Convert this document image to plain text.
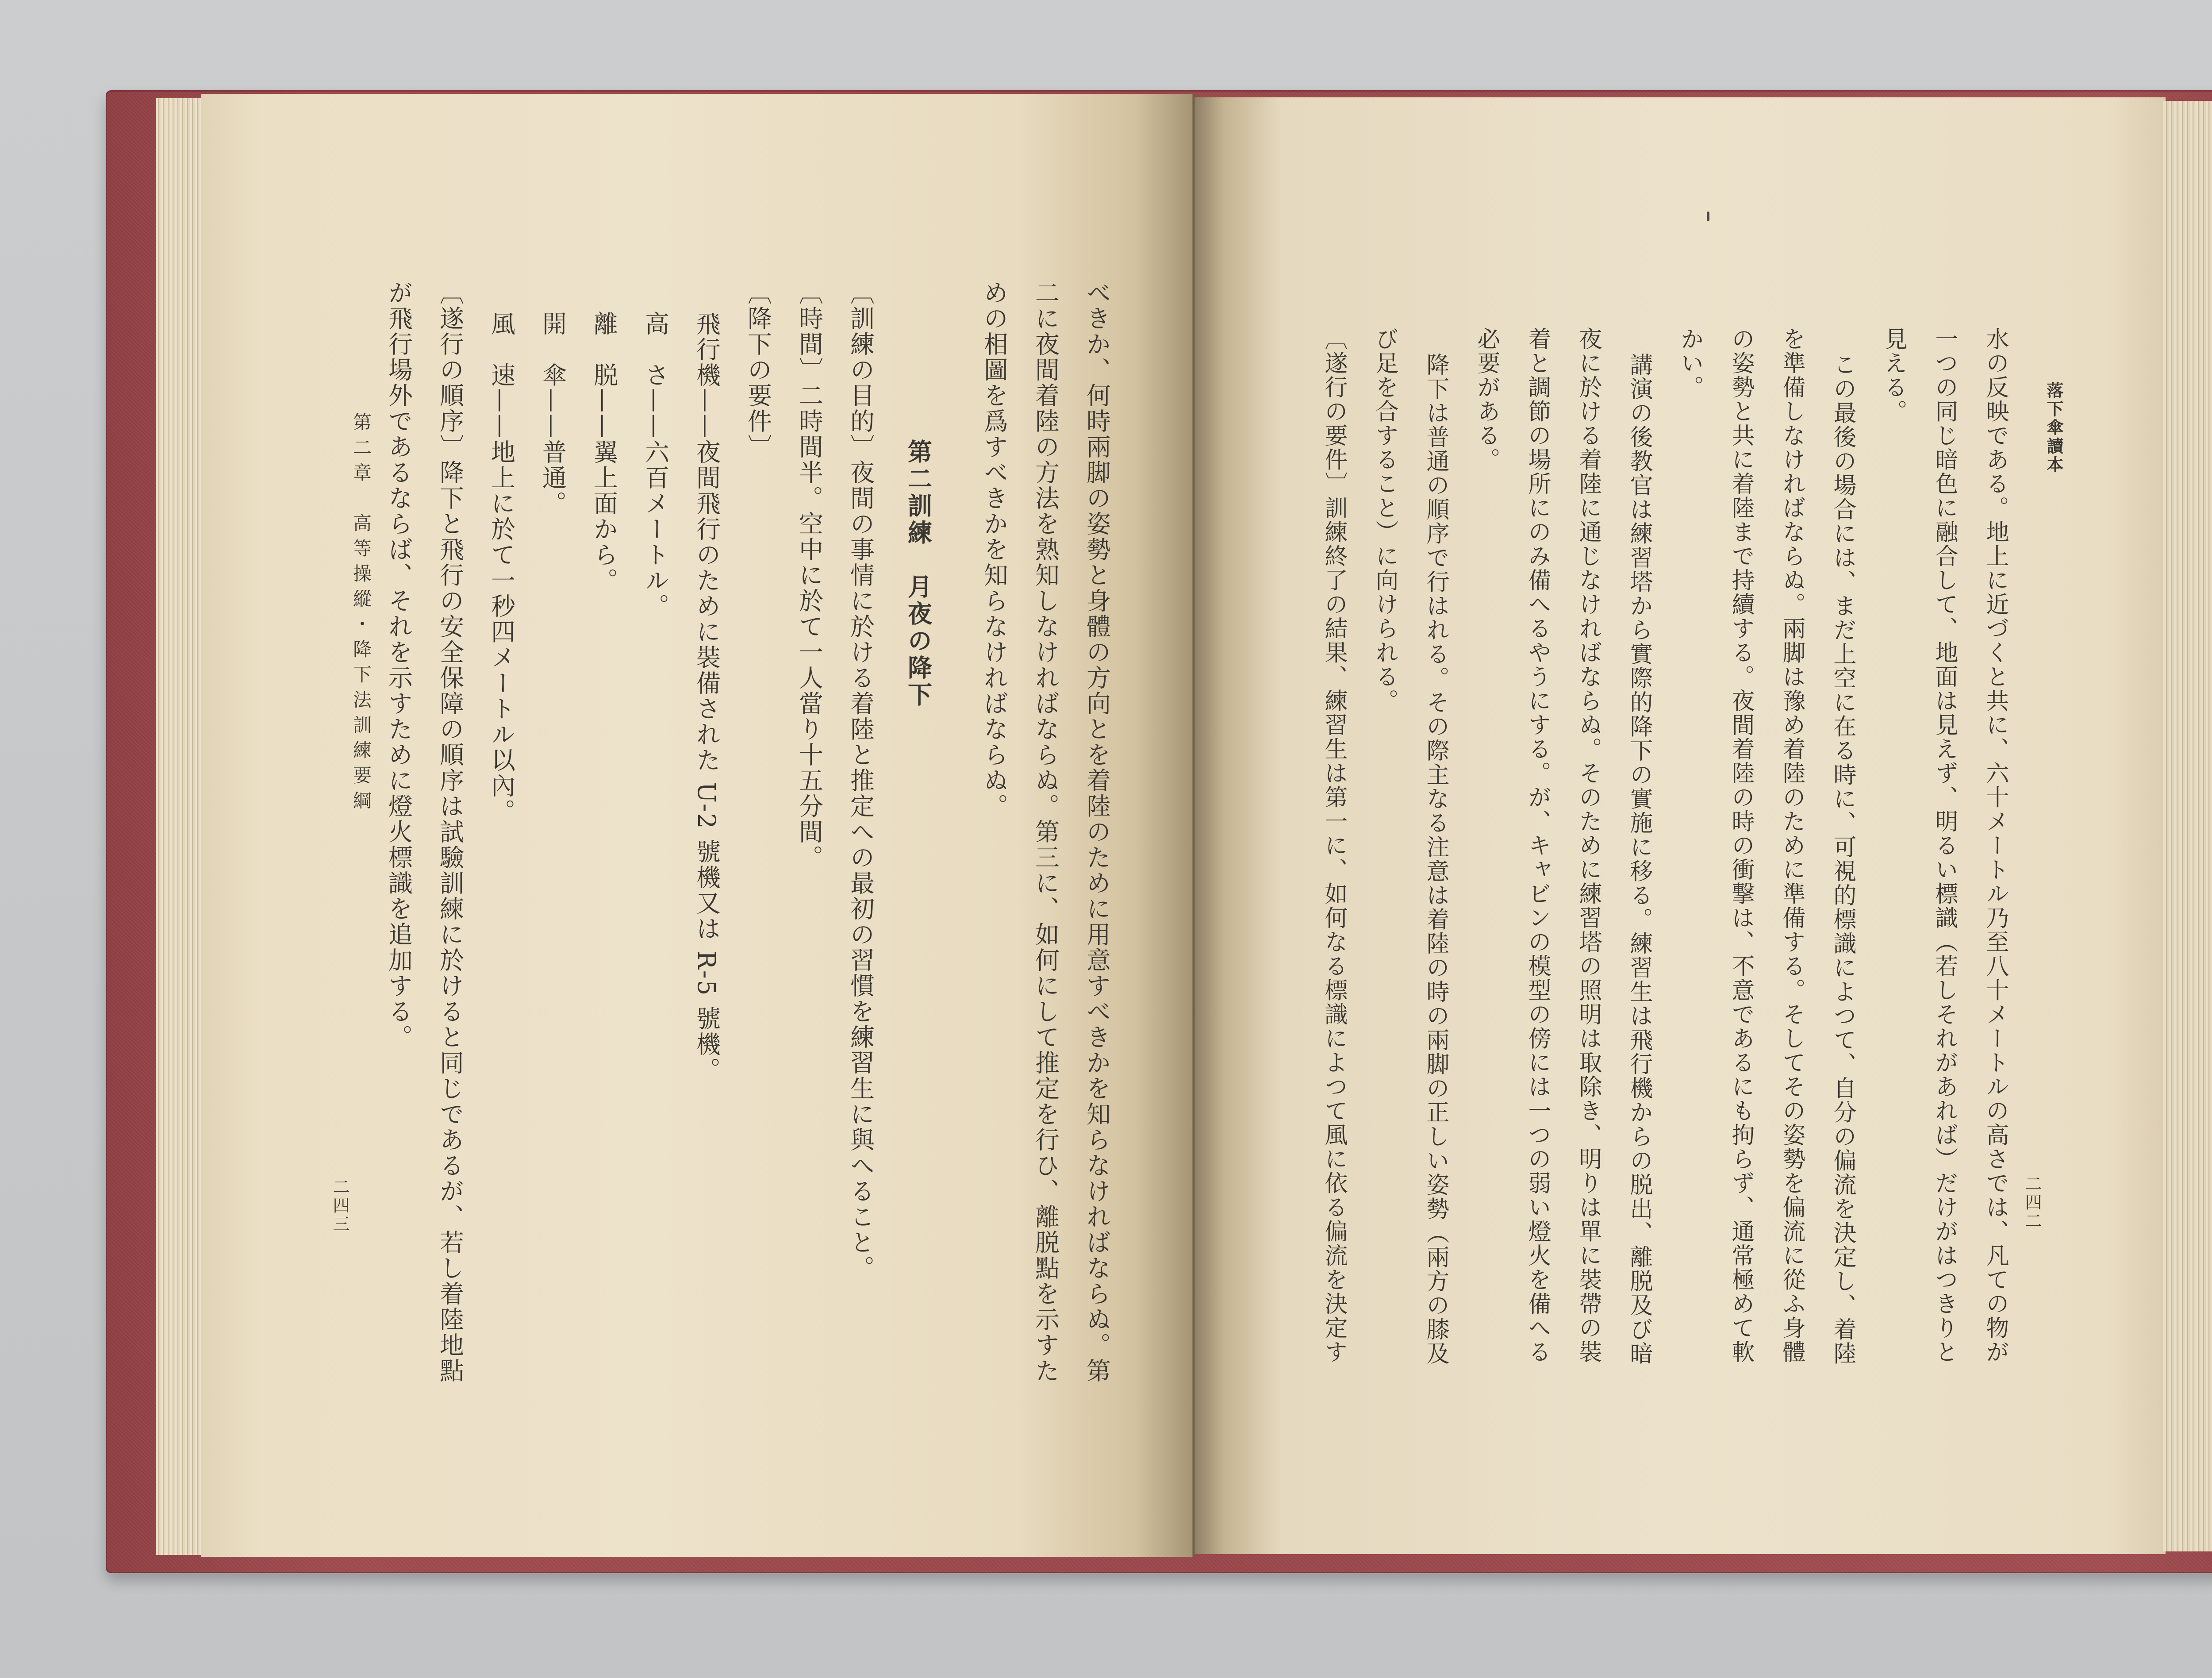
落下傘讀本
二四二
水の反映である。地上に近づくと共に、六十メートル乃至八十メートルの高さでは、凡ての物が
一つの同じ暗色に融合して、地面は見えず、明るい標識（若しそれがあれば）だけがはつきりと
見える。
この最後の場合には、まだ上空に在る時に、可視的標識によつて、自分の偏流を決定し、着陸
を準備しなければならぬ。兩脚は豫め着陸のために準備する。そしてその姿勢を偏流に從ふ身體
の姿勢と共に着陸まで持續する。夜間着陸の時の衝撃は、不意であるにも拘らず、通常極めて軟
かい。
講演の後教官は練習塔から實際的降下の實施に移る。練習生は飛行機からの脱出、離脱及び暗
夜に於ける着陸に通じなければならぬ。そのために練習塔の照明は取除き、明りは單に裝帶の裝
着と調節の場所にのみ備へるやうにする。が、キャビンの模型の傍には一つの弱い燈火を備へる
必要がある。
降下は普通の順序で行はれる。その際主なる注意は着陸の時の兩脚の正しい姿勢（兩方の膝及
び足を合すること）に向けられる。
〔遂行の要件〕訓練終了の結果、練習生は第一に、如何なる標識によつて風に依る偏流を決定す
べきか、何時兩脚の姿勢と身體の方向とを着陸のために用意すべきかを知らなければならぬ。第
二に夜間着陸の方法を熟知しなければならぬ。第三に、如何にして推定を行ひ、離脱點を示すた
めの相圖を爲すべきかを知らなければならぬ。
第二訓練　月夜の降下
〔訓練の目的〕夜間の事情に於ける着陸と推定への最初の習慣を練習生に與へること。
〔時間〕二時間半。空中に於て一人當り十五分間。
〔降下の要件〕
飛行機——夜間飛行のために裝備された U-2 號機又は R-5 號機。
高　さ——六百メートル。
離　脱——翼上面から。
開　傘——普通。
風　速——地上に於て一秒四メートル以內。
〔遂行の順序〕降下と飛行の安全保障の順序は試驗訓練に於けると同じであるが、若し着陸地點
が飛行場外であるならば、それを示すために燈火標識を追加する。
第二章　高等操縱・降下法訓練要綱
二四三
